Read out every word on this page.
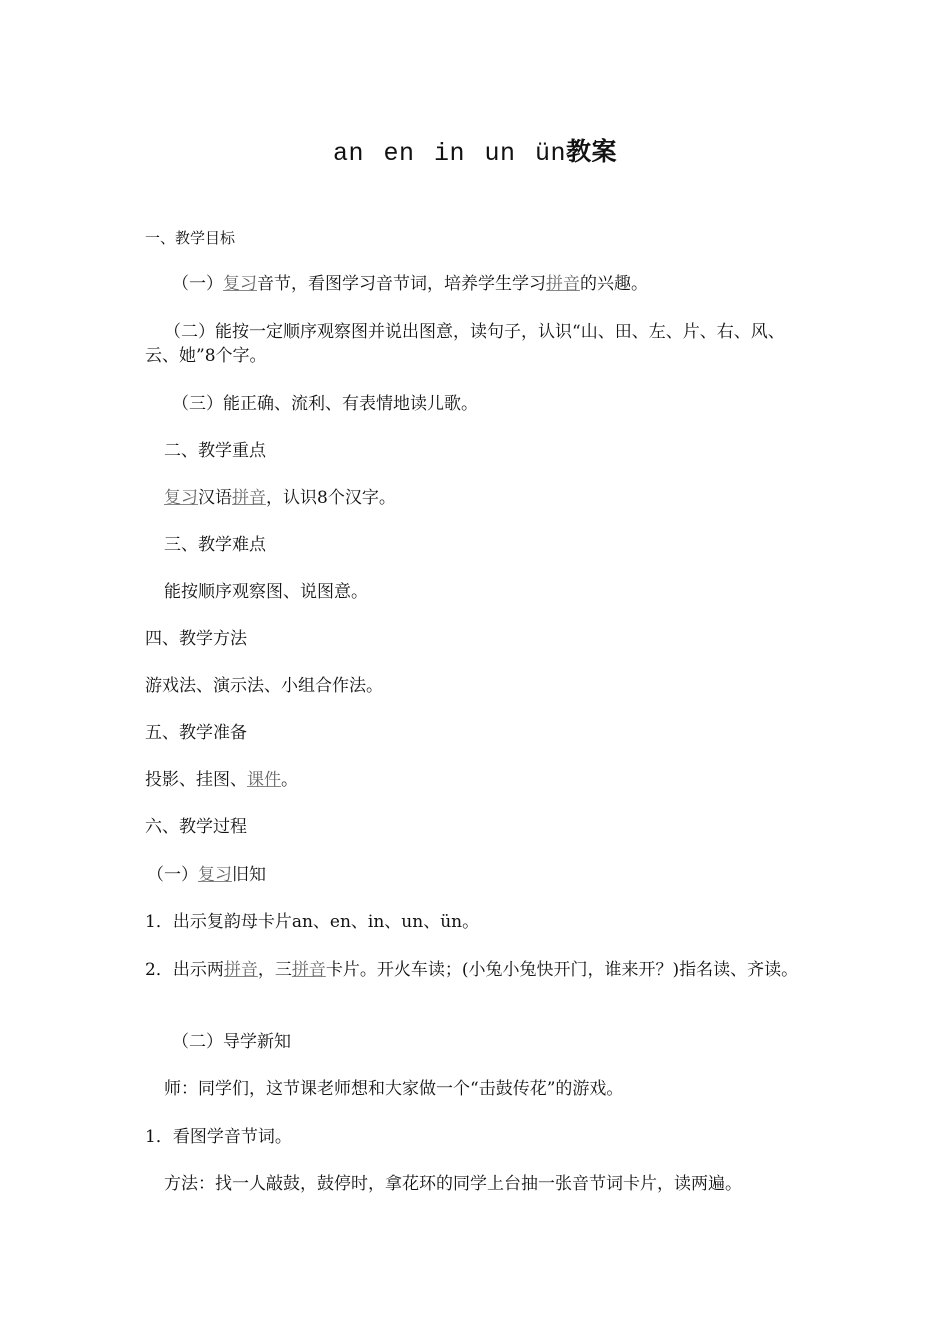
an en in un ün教案
一、教学目标
（一）复习音节，看图学习音节词，培养学生学习拼音的兴趣。
（二）能按一定顺序观察图并说出图意，读句子，认识“山、田、左、片、右、风、云、她”8个字。
（三）能正确、流利、有表情地读儿歌。
二、教学重点
复习汉语拼音，认识8个汉字。
三、教学难点
能按顺序观察图、说图意。
四、教学方法
游戏法、演示法、小组合作法。
五、教学准备
投影、挂图、课件。
六、教学过程
（一）复习旧知
1．出示复韵母卡片an、en、in、un、ün。
2．出示两拼音，三拼音卡片。开火车读；(小兔小兔快开门，谁来开？)指名读、齐读。
（二）导学新知
师：同学们，这节课老师想和大家做一个“击鼓传花”的游戏。
1．看图学音节词。
方法：找一人敲鼓，鼓停时，拿花环的同学上台抽一张音节词卡片，读两遍。
